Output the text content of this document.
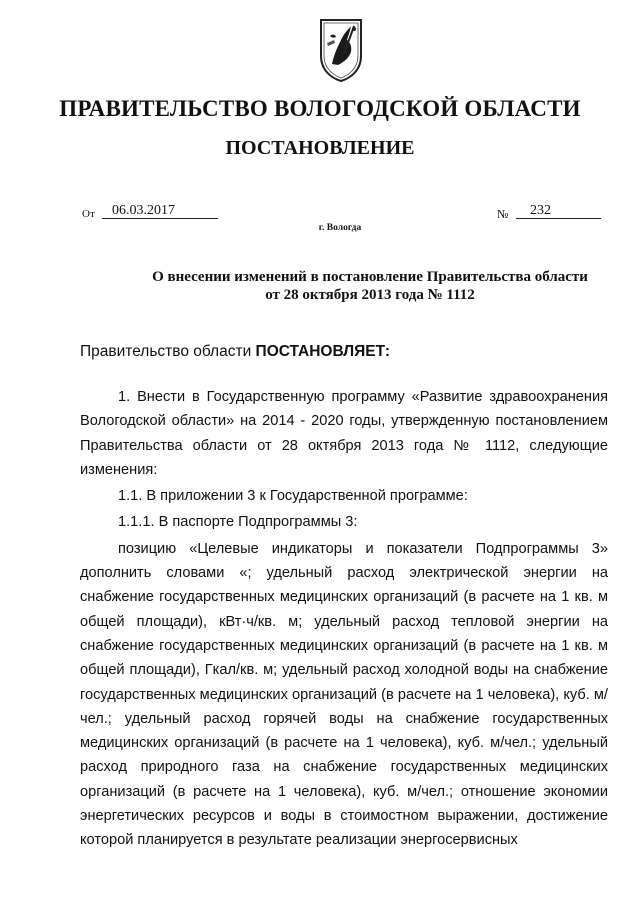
ПРАВИТЕЛЬСТВО ВОЛОГОДСКОЙ ОБЛАСТИ
ПОСТАНОВЛЕНИЕ
От	06.03.2017	№	232
г. Вологда
О внесении изменений в постановление Правительства области
от 28 октября 2013 года № 1112
Правительство области ПОСТАНОВЛЯЕТ:

1. Внести в Государственную программу «Развитие здравоохранения Вологодской области» на 2014 - 2020 годы, утвержденную постановлением Правительства области от 28 октября 2013 года № 1112, следующие изменения:

1.1. В приложении 3 к Государственной программе:

1.1.1. В паспорте Подпрограммы 3:

позицию «Целевые индикаторы и показатели Подпрограммы 3» дополнить словами «; удельный расход электрической энергии на снабжение государственных медицинских организаций (в расчете на 1 кв. м общей площади), кВт·ч/кв. м; удельный расход тепловой энергии на снабжение государственных медицинских организаций (в расчете на 1 кв. м общей площади), Гкал/кв. м; удельный расход холодной воды на снабжение государственных медицинских организаций (в расчете на 1 человека), куб. м/чел.; удельный расход горячей воды на снабжение государственных медицинских организаций (в расчете на 1 человека), куб. м/чел.; удельный расход природного газа на снабжение государственных медицинских организаций (в расчете на 1 человека), куб. м/чел.; отношение экономии энергетических ресурсов и воды в стоимостном выражении, достижение которой планируется в результате реализации энергосервисных
